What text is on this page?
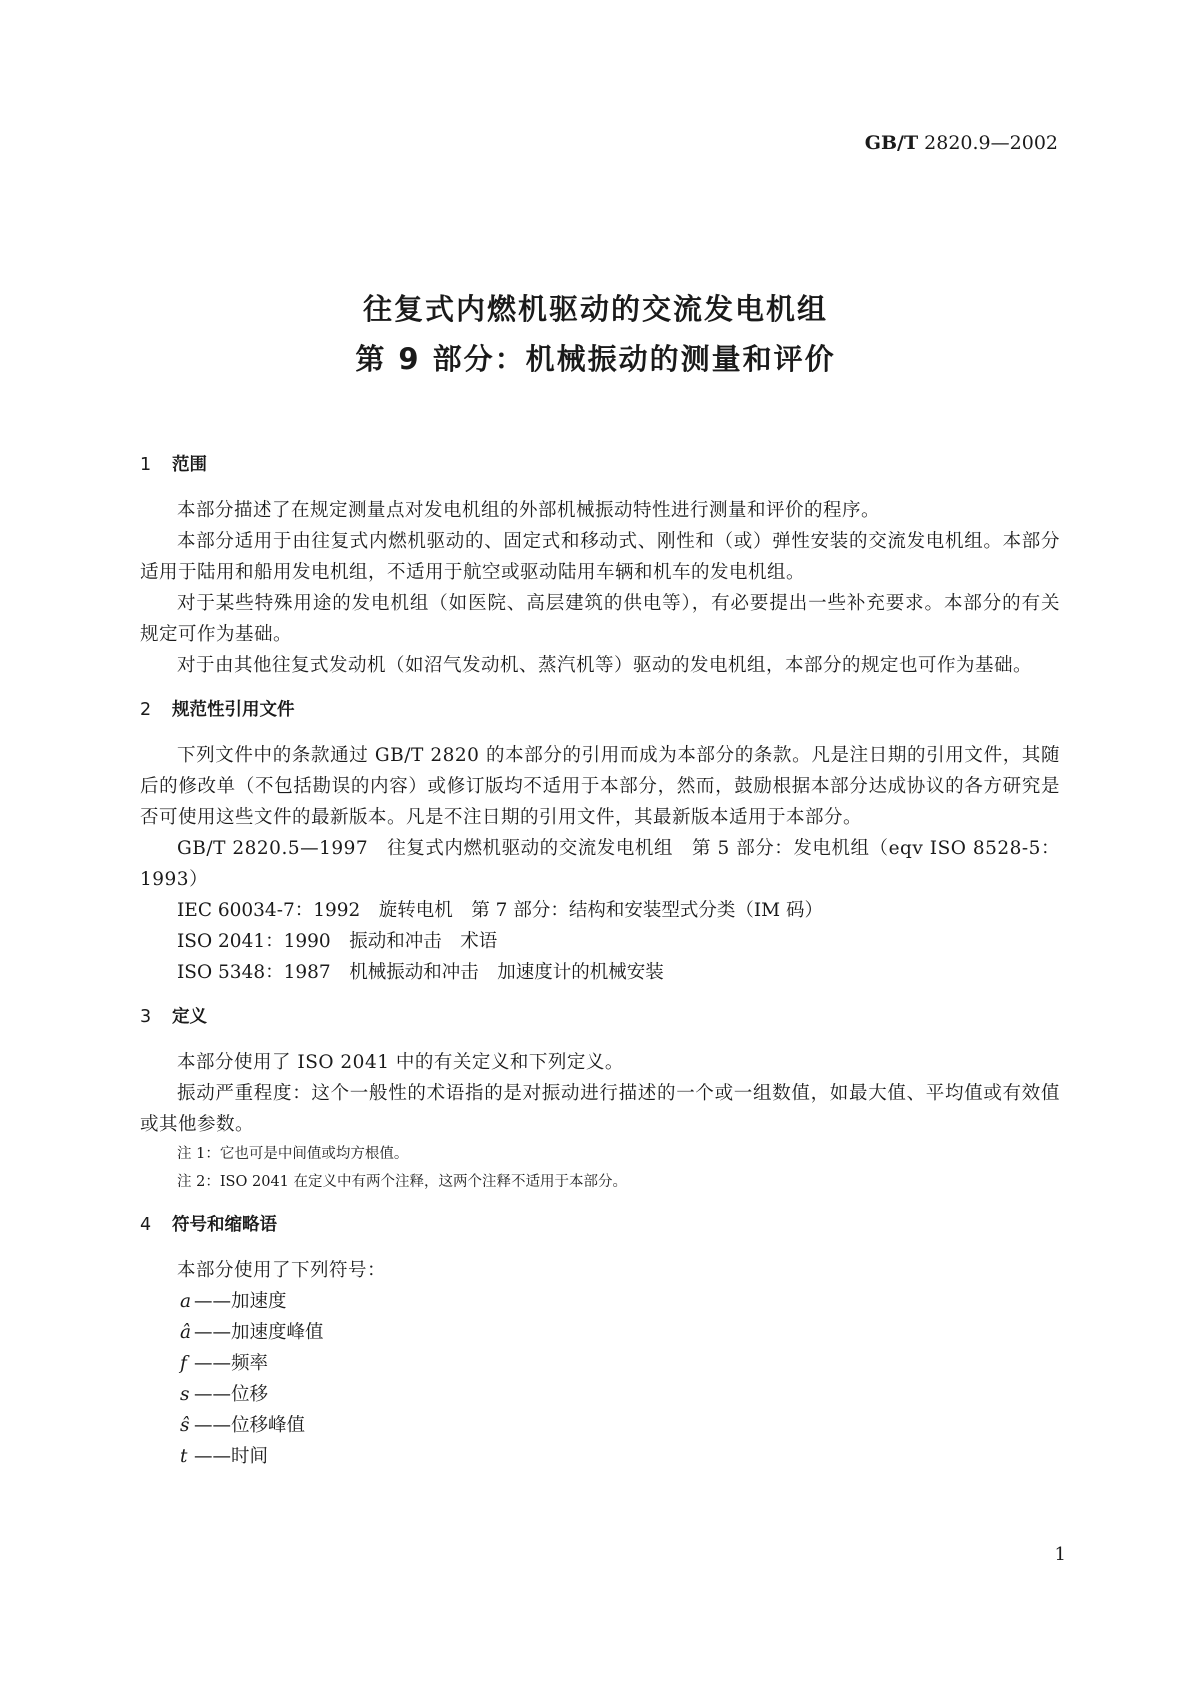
GB/T 2820.9—2002
往复式内燃机驱动的交流发电机组
第 9 部分：机械振动的测量和评价
1 范围

本部分描述了在规定测量点对发电机组的外部机械振动特性进行测量和评价的程序。

本部分适用于由往复式内燃机驱动的、固定式和移动式、刚性和（或）弹性安装的交流发电机组。本部分适用于陆用和船用发电机组，不适用于航空或驱动陆用车辆和机车的发电机组。

对于某些特殊用途的发电机组（如医院、高层建筑的供电等），有必要提出一些补充要求。本部分的有关规定可作为基础。

对于由其他往复式发动机（如沼气发动机、蒸汽机等）驱动的发电机组，本部分的规定也可作为基础。

2 规范性引用文件

下列文件中的条款通过 GB/T 2820 的本部分的引用而成为本部分的条款。凡是注日期的引用文件，其随后的修改单（不包括勘误的内容）或修订版均不适用于本部分，然而，鼓励根据本部分达成协议的各方研究是否可使用这些文件的最新版本。凡是不注日期的引用文件，其最新版本适用于本部分。

GB/T 2820.5—1997　往复式内燃机驱动的交流发电机组　第 5 部分：发电机组（eqv ISO 8528-5：1993）

IEC 60034-7：1992　旋转电机　第 7 部分：结构和安装型式分类（IM 码）

ISO 2041：1990　振动和冲击　术语

ISO 5348：1987　机械振动和冲击　加速度计的机械安装

3 定义

本部分使用了 ISO 2041 中的有关定义和下列定义。

振动严重程度：这个一般性的术语指的是对振动进行描述的一个或一组数值，如最大值、平均值或有效值或其他参数。

注 1：它也可是中间值或均方根值。

注 2：ISO 2041 在定义中有两个注释，这两个注释不适用于本部分。

4 符号和缩略语

本部分使用了下列符号：

a ——加速度

â ——加速度峰值

f ——频率

s ——位移

ŝ ——位移峰值

t ——时间

1
